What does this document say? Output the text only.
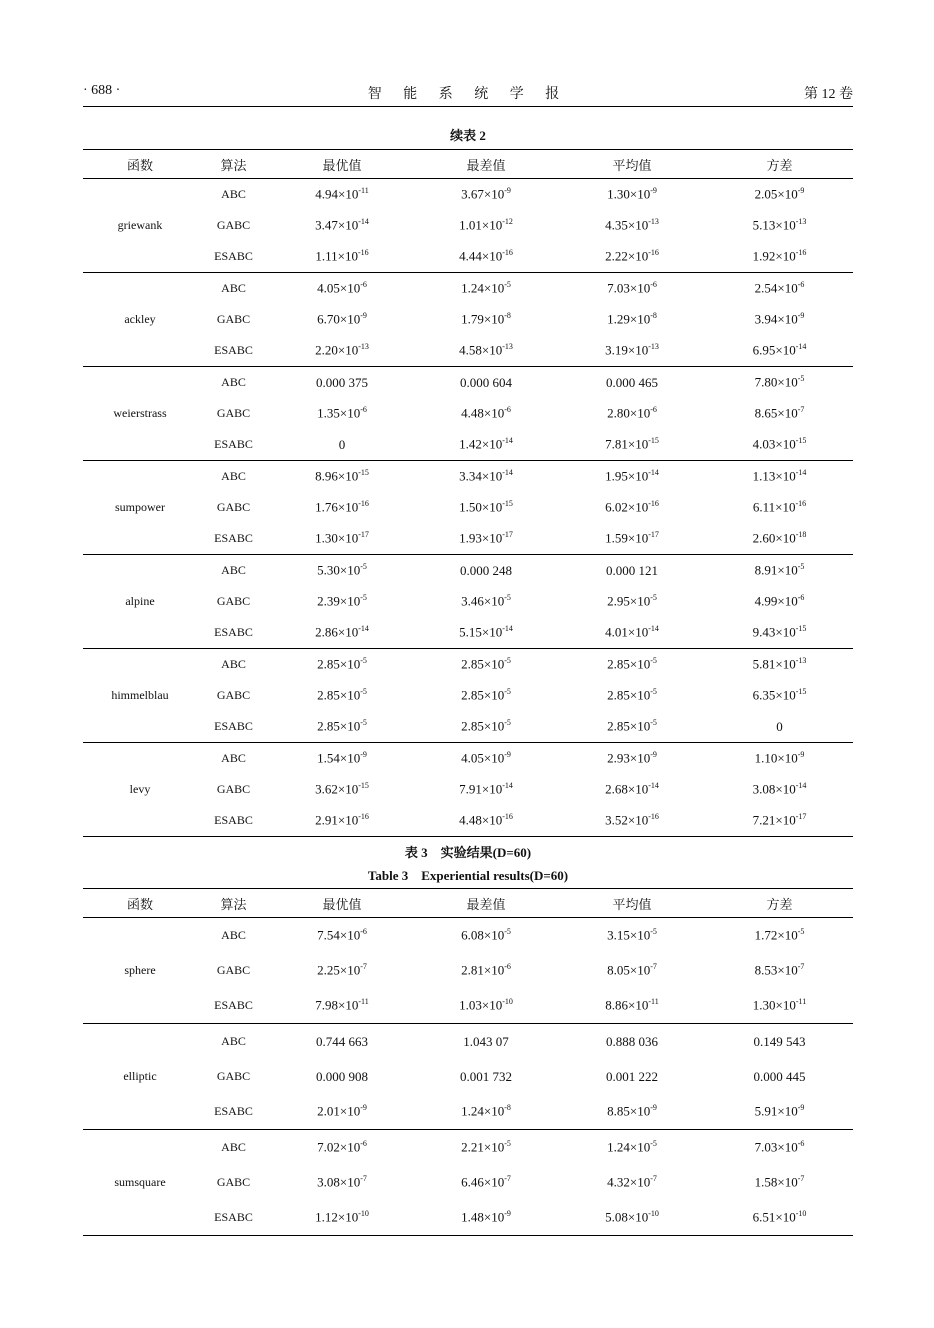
· 688 ·	智 能 系 统 学 报	第 12 卷
续表 2
函数	算法	最优值	最差值	平均值	方差
griewank	ABC	$4.94\times 10^{-11}$	$3.67\times 10^{-9}$	$1.30\times 10^{-9}$	$2.05\times 10^{-9}$
	GABC	$3.47\times 10^{-14}$	$1.01\times 10^{-12}$	$4.35\times 10^{-13}$	$5.13\times 10^{-13}$
	ESABC	$1.11\times 10^{-16}$	$4.44\times 10^{-16}$	$2.22\times 10^{-16}$	$1.92\times 10^{-16}$
ackley	ABC	$4.05\times 10^{-6}$	$1.24\times 10^{-5}$	$7.03\times 10^{-6}$	$2.54\times 10^{-6}$
	GABC	$6.70\times 10^{-9}$	$1.79\times 10^{-8}$	$1.29\times 10^{-8}$	$3.94\times 10^{-9}$
	ESABC	$2.20\times 10^{-13}$	$4.58\times 10^{-13}$	$3.19\times 10^{-13}$	$6.95\times 10^{-14}$
weierstrass	ABC	0.000 375	0.000 604	0.000 465	$7.80\times 10^{-5}$
	GABC	$1.35\times 10^{-6}$	$4.48\times 10^{-6}$	$2.80\times 10^{-6}$	$8.65\times 10^{-7}$
	ESABC	0	$1.42\times 10^{-14}$	$7.81\times 10^{-15}$	$4.03\times 10^{-15}$
sumpower	ABC	$8.96\times 10^{-15}$	$3.34\times 10^{-14}$	$1.95\times 10^{-14}$	$1.13\times 10^{-14}$
	GABC	$1.76\times 10^{-16}$	$1.50\times 10^{-15}$	$6.02\times 10^{-16}$	$6.11\times 10^{-16}$
	ESABC	$1.30\times 10^{-17}$	$1.93\times 10^{-17}$	$1.59\times 10^{-17}$	$2.60\times 10^{-18}$
alpine	ABC	$5.30\times 10^{-5}$	0.000 248	0.000 121	$8.91\times 10^{-5}$
	GABC	$2.39\times 10^{-5}$	$3.46\times 10^{-5}$	$2.95\times 10^{-5}$	$4.99\times 10^{-6}$
	ESABC	$2.86\times 10^{-14}$	$5.15\times 10^{-14}$	$4.01\times 10^{-14}$	$9.43\times 10^{-15}$
himmelblau	ABC	$2.85\times 10^{-5}$	$2.85\times 10^{-5}$	$2.85\times 10^{-5}$	$5.81\times 10^{-13}$
	GABC	$2.85\times 10^{-5}$	$2.85\times 10^{-5}$	$2.85\times 10^{-5}$	$6.35\times 10^{-15}$
	ESABC	$2.85\times 10^{-5}$	$2.85\times 10^{-5}$	$2.85\times 10^{-5}$	0
levy	ABC	$1.54\times 10^{-9}$	$4.05\times 10^{-9}$	$2.93\times 10^{-9}$	$1.10\times 10^{-9}$
	GABC	$3.62\times 10^{-15}$	$7.91\times 10^{-14}$	$2.68\times 10^{-14}$	$3.08\times 10^{-14}$
	ESABC	$2.91\times 10^{-16}$	$4.48\times 10^{-16}$	$3.52\times 10^{-16}$	$7.21\times 10^{-17}$
表 3　实验结果(D=60)
Table 3　Experiential results(D=60)
函数	算法	最优值	最差值	平均值	方差
sphere	ABC	$7.54\times 10^{-6}$	$6.08\times 10^{-5}$	$3.15\times 10^{-5}$	$1.72\times 10^{-5}$
	GABC	$2.25\times 10^{-7}$	$2.81\times 10^{-6}$	$8.05\times 10^{-7}$	$8.53\times 10^{-7}$
	ESABC	$7.98\times 10^{-11}$	$1.03\times 10^{-10}$	$8.86\times 10^{-11}$	$1.30\times 10^{-11}$
elliptic	ABC	0.744 663	1.043 07	0.888 036	0.149 543
	GABC	0.000 908	0.001 732	0.001 222	0.000 445
	ESABC	$2.01\times 10^{-9}$	$1.24\times 10^{-8}$	$8.85\times 10^{-9}$	$5.91\times 10^{-9}$
sumsquare	ABC	$7.02\times 10^{-6}$	$2.21\times 10^{-5}$	$1.24\times 10^{-5}$	$7.03\times 10^{-6}$
	GABC	$3.08\times 10^{-7}$	$6.46\times 10^{-7}$	$4.32\times 10^{-7}$	$1.58\times 10^{-7}$
	ESABC	$1.12\times 10^{-10}$	$1.48\times 10^{-9}$	$5.08\times 10^{-10}$	$6.51\times 10^{-10}$
